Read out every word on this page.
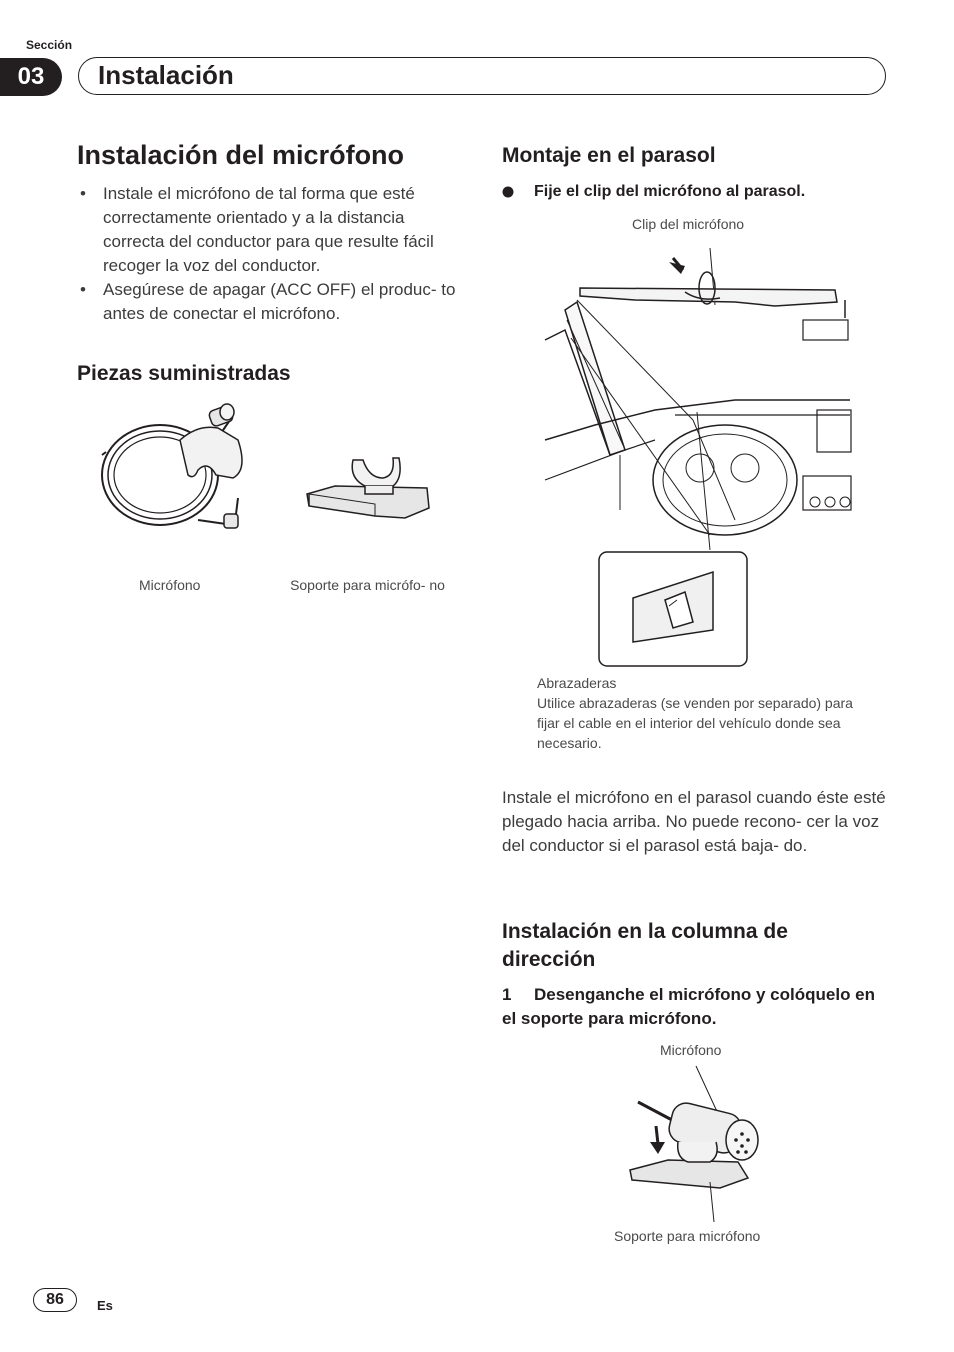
Sección
03	Instalación
Instalación del micrófono
• Instale el micrófono de tal forma que esté correctamente orientado y a la distancia correcta del conductor para que resulte fácil recoger la voz del conductor.
• Asegúrese de apagar (ACC OFF) el produc- to antes de conectar el micrófono.
Piezas suministradas
Micrófono	Soporte para micrófo- no
Montaje en el parasol
Fije el clip del micrófono al parasol.
Clip del micrófono
Abrazaderas
Utilice abrazaderas (se venden por separado) para fijar el cable en el interior del vehículo donde sea necesario.
Instale el micrófono en el parasol cuando éste esté plegado hacia arriba. No puede recono- cer la voz del conductor si el parasol está baja- do.
Instalación en la columna de dirección
1	Desenganche el micrófono y colóquelo en el soporte para micrófono.
Micrófono
Soporte para micrófono
86	Es
